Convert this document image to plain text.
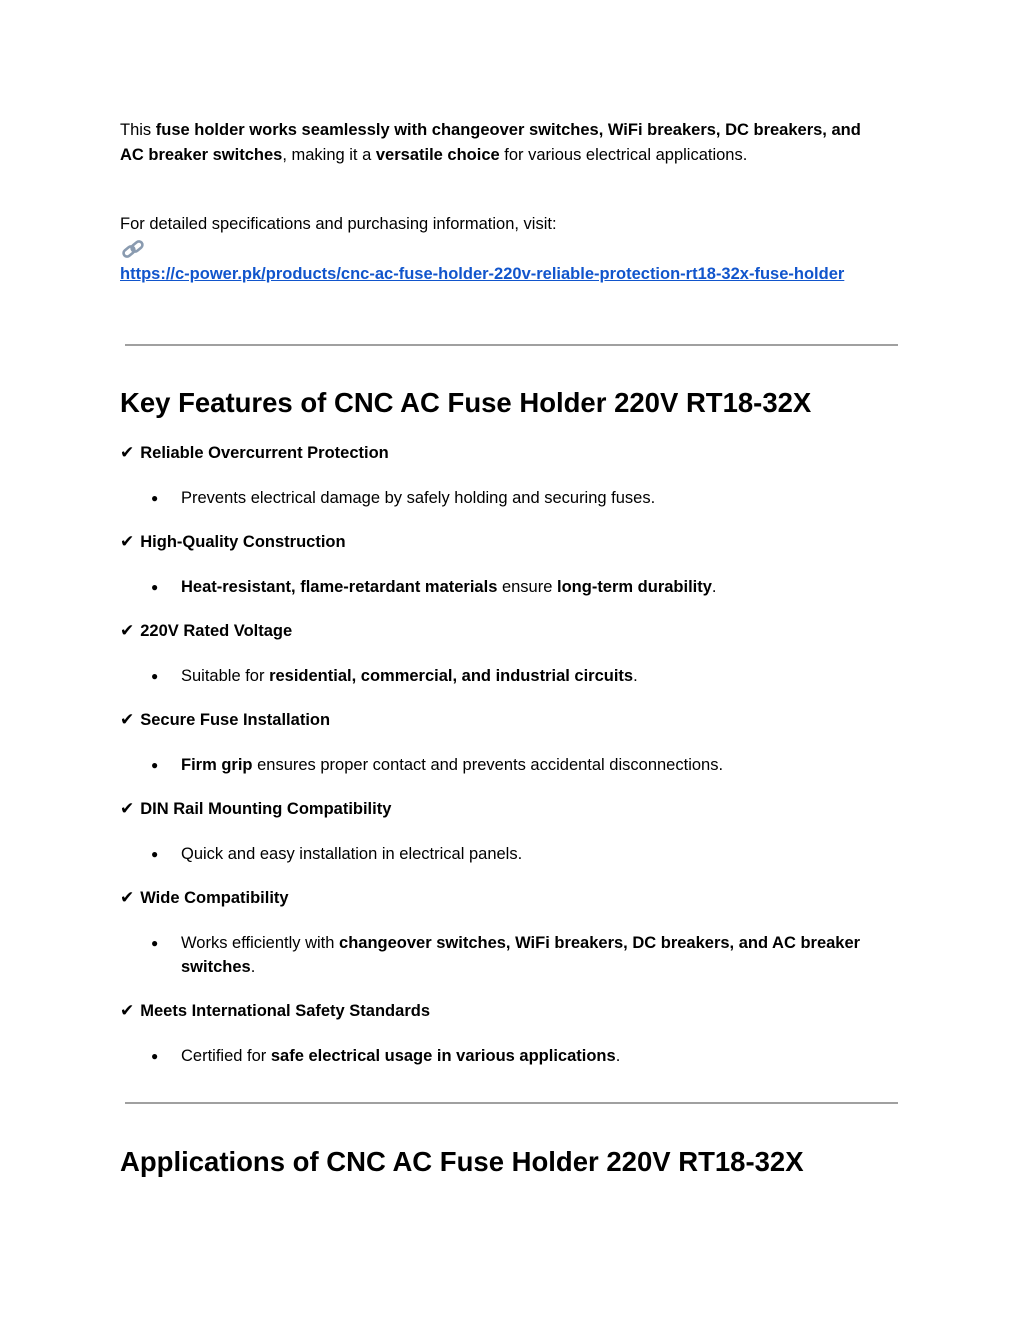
This fuse holder works seamlessly with changeover switches, WiFi breakers, DC breakers, and AC breaker switches, making it a versatile choice for various electrical applications.

For detailed specifications and purchasing information, visit:
https://c-power.pk/products/cnc-ac-fuse-holder-220v-reliable-protection-rt18-32x-fuse-holder
Key Features of CNC AC Fuse Holder 220V RT18-32X

✔ Reliable Overcurrent Protection

● Prevents electrical damage by safely holding and securing fuses.

✔ High-Quality Construction

● Heat-resistant, flame-retardant materials ensure long-term durability.

✔ 220V Rated Voltage

● Suitable for residential, commercial, and industrial circuits.

✔ Secure Fuse Installation

● Firm grip ensures proper contact and prevents accidental disconnections.

✔ DIN Rail Mounting Compatibility

● Quick and easy installation in electrical panels.

✔ Wide Compatibility

● Works efficiently with changeover switches, WiFi breakers, DC breakers, and AC breaker switches.

✔ Meets International Safety Standards

● Certified for safe electrical usage in various applications.
Applications of CNC AC Fuse Holder 220V RT18-32X
